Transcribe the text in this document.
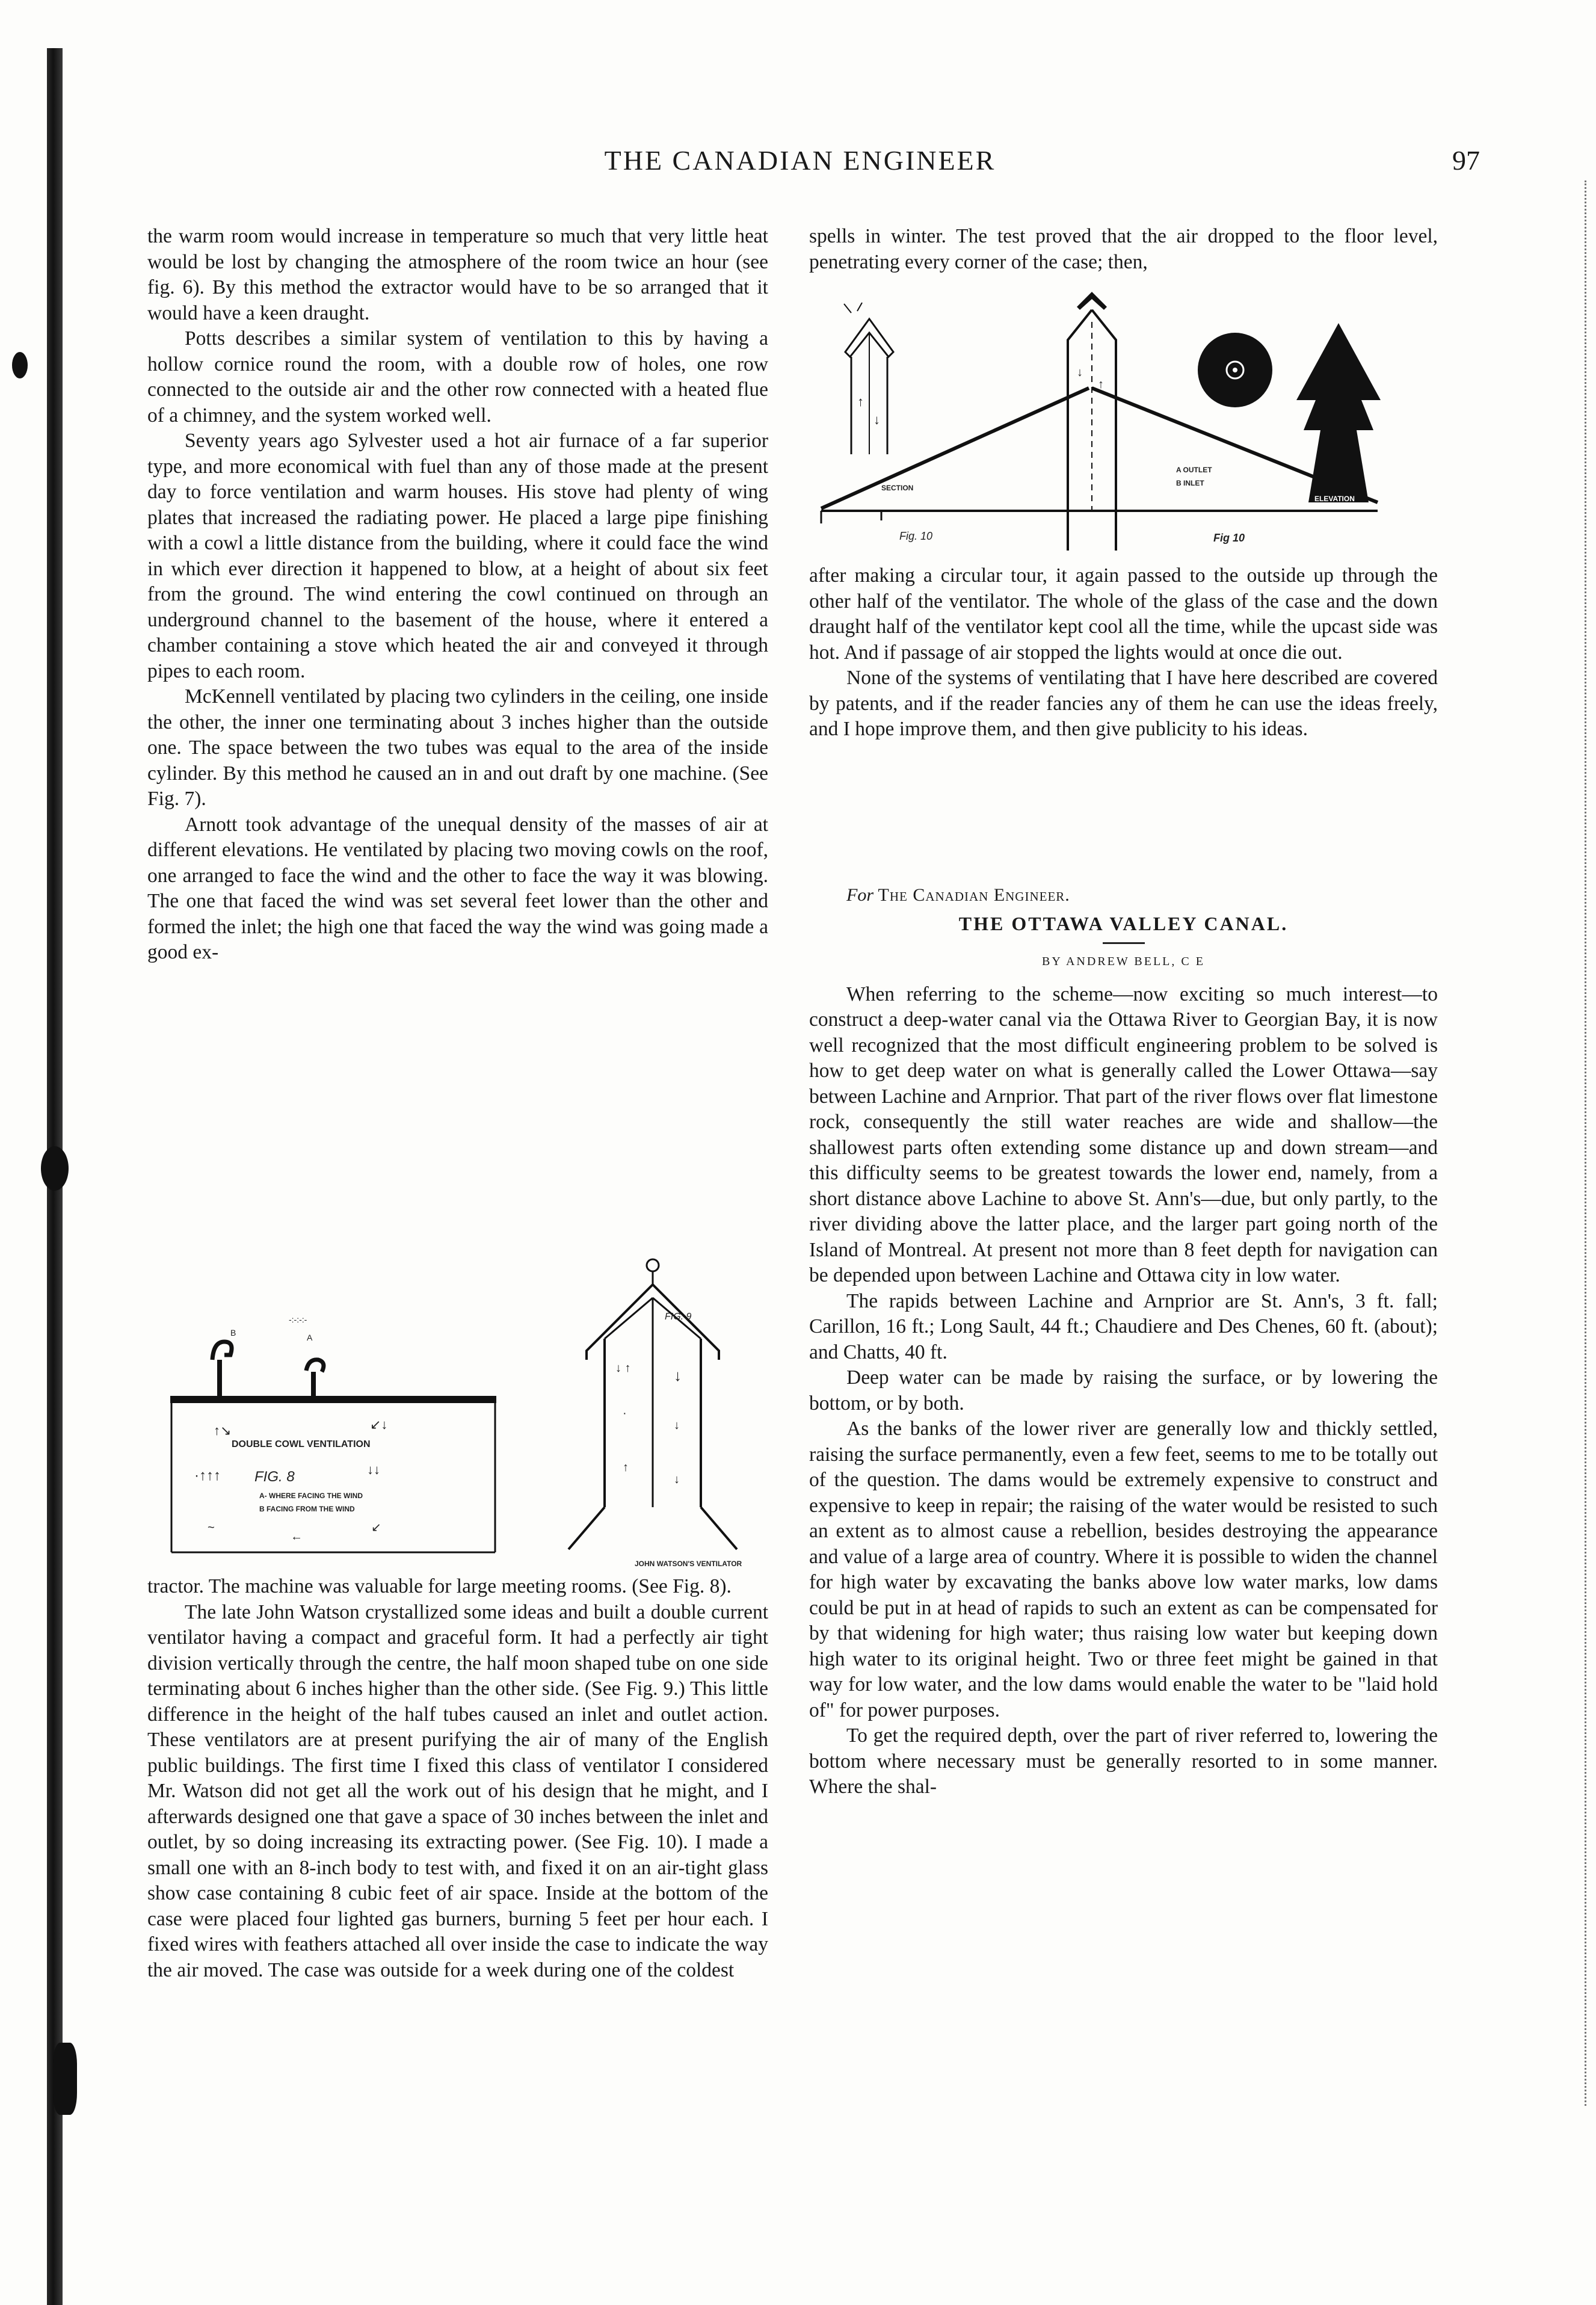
THE CANADIAN ENGINEER	97

the warm room would increase in temperature so much that very little heat would be lost by changing the atmosphere of the room twice an hour (see fig. 6). By this method the extractor would have to be so arranged that it would have a keen draught.

Potts describes a similar system of ventilation to this by having a hollow cornice round the room, with a double row of holes, one row connected to the outside air and the other row connected with a heated flue of a chimney, and the system worked well.

Seventy years ago Sylvester used a hot air furnace of a far superior type, and more economical with fuel than any of those made at the present day to force ventilation and warm houses. His stove had plenty of wing plates that increased the radiating power. He placed a large pipe finishing with a cowl a little distance from the building, where it could face the wind in which ever direction it happened to blow, at a height of about six feet from the ground. The wind entering the cowl continued on through an underground channel to the basement of the house, where it entered a chamber containing a stove which heated the air and conveyed it through pipes to each room.

McKennell ventilated by placing two cylinders in the ceiling, one inside the other, the inner one terminating about 3 inches higher than the outside one. The space between the two tubes was equal to the area of the inside cylinder. By this method he caused an in and out draft by one machine. (See Fig. 7).

Arnott took advantage of the unequal density of the masses of air at different elevations. He ventilated by placing two moving cowls on the roof, one arranged to face the wind and the other to face the way it was blowing. The one that faced the wind was set several feet lower than the other and formed the inlet; the high one that faced the way the wind was going made a good ex-

-:-:-:-
A
B
↑↘	↙↓
DOUBLE COWL VENTILATION
·↑↑↑ FIG. 8	↓↓
A- WHERE FACING THE WIND
B FACING FROM THE WIND
~
←
↙
FIG. 9
↓ ↑	↓
·
↓
↑
↓
JOHN WATSON'S VENTILATOR

tractor. The machine was valuable for large meeting rooms. (See Fig. 8).

The late John Watson crystallized some ideas and built a double current ventilator having a compact and graceful form. It had a perfectly air tight division vertically through the centre, the half moon shaped tube on one side terminating about 6 inches higher than the other side. (See Fig. 9.) This little difference in the height of the half tubes caused an inlet and outlet action. These ventilators are at present purifying the air of many of the English public buildings. The first time I fixed this class of ventilator I considered Mr. Watson did not get all the work out of his design that he might, and I afterwards designed one that gave a space of 30 inches between the inlet and outlet, by so doing increasing its extracting power. (See Fig. 10). I made a small one with an 8-inch body to test with, and fixed it on an air-tight glass show case containing 8 cubic feet of air space. Inside at the bottom of the case were placed four lighted gas burners, burning 5 feet per hour each. I fixed wires with feathers attached all over inside the case to indicate the way the air moved. The case was outside for a week during one of the coldest

spells in winter. The test proved that the air dropped to the floor level, penetrating every corner of the case; then,

↑
↓
SECTION
↓
↑
A OUTLET
B INLET
ELEVATION
Fig. 10	Fig 10

after making a circular tour, it again passed to the outside up through the other half of the ventilator. The whole of the glass of the case and the down draught half of the ventilator kept cool all the time, while the upcast side was hot. And if passage of air stopped the lights would at once die out.

None of the systems of ventilating that I have here described are covered by patents, and if the reader fancies any of them he can use the ideas freely, and I hope improve them, and then give publicity to his ideas.

For The Canadian Engineer.

THE OTTAWA VALLEY CANAL.
BY ANDREW BELL, C E

When referring to the scheme—now exciting so much interest—to construct a deep-water canal via the Ottawa River to Georgian Bay, it is now well recognized that the most difficult engineering problem to be solved is how to get deep water on what is generally called the Lower Ottawa—say between Lachine and Arnprior. That part of the river flows over flat limestone rock, consequently the still water reaches are wide and shallow—the shallowest parts often extending some distance up and down stream—and this difficulty seems to be greatest towards the lower end, namely, from a short distance above Lachine to above St. Ann's—due, but only partly, to the river dividing above the latter place, and the larger part going north of the Island of Montreal. At present not more than 8 feet depth for navigation can be depended upon between Lachine and Ottawa city in low water.

The rapids between Lachine and Arnprior are St. Ann's, 3 ft. fall; Carillon, 16 ft.; Long Sault, 44 ft.; Chaudiere and Des Chenes, 60 ft. (about); and Chatts, 40 ft.

Deep water can be made by raising the surface, or by lowering the bottom, or by both.

As the banks of the lower river are generally low and thickly settled, raising the surface permanently, even a few feet, seems to me to be totally out of the question. The dams would be extremely expensive to construct and expensive to keep in repair; the raising of the water would be resisted to such an extent as to almost cause a rebellion, besides destroying the appearance and value of a large area of country. Where it is possible to widen the channel for high water by excavating the banks above low water marks, low dams could be put in at head of rapids to such an extent as can be compensated for by that widening for high water; thus raising low water but keeping down high water to its original height. Two or three feet might be gained in that way for low water, and the low dams would enable the water to be "laid hold of" for power purposes.

To get the required depth, over the part of river referred to, lowering the bottom where necessary must be generally resorted to in some manner. Where the shal-
